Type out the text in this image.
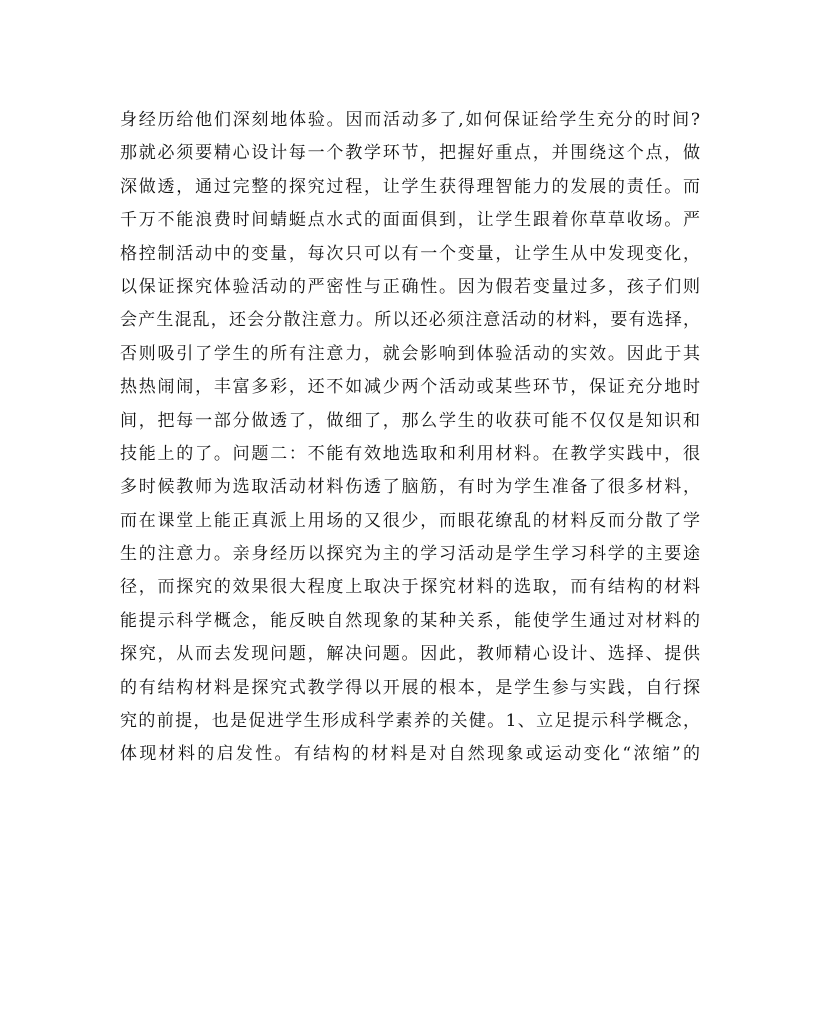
身经历给他们深刻地体验。因而活动多了,如何保证给学生充分的时间?
那就必须要精心设计每一个教学环节，把握好重点，并围绕这个点，做
深做透，通过完整的探究过程，让学生获得理智能力的发展的责任。而
千万不能浪费时间蜻蜓点水式的面面俱到，让学生跟着你草草收场。严
格控制活动中的变量，每次只可以有一个变量，让学生从中发现变化，
以保证探究体验活动的严密性与正确性。因为假若变量过多，孩子们则
会产生混乱，还会分散注意力。所以还必须注意活动的材料，要有选择，
否则吸引了学生的所有注意力，就会影响到体验活动的实效。因此于其
热热闹闹，丰富多彩，还不如减少两个活动或某些环节，保证充分地时
间，把每一部分做透了，做细了，那么学生的收获可能不仅仅是知识和
技能上的了。问题二：不能有效地选取和利用材料。在教学实践中，很
多时候教师为选取活动材料伤透了脑筋，有时为学生准备了很多材料，
而在课堂上能正真派上用场的又很少，而眼花缭乱的材料反而分散了学
生的注意力。亲身经历以探究为主的学习活动是学生学习科学的主要途
径，而探究的效果很大程度上取决于探究材料的选取，而有结构的材料
能提示科学概念，能反映自然现象的某种关系，能使学生通过对材料的
探究，从而去发现问题，解决问题。因此，教师精心设计、选择、提供
的有结构材料是探究式教学得以开展的根本，是学生参与实践，自行探
究的前提，也是促进学生形成科学素养的关健。1、立足提示科学概念，
体现材料的启发性。有结构的材料是对自然现象或运动变化“浓缩”的
